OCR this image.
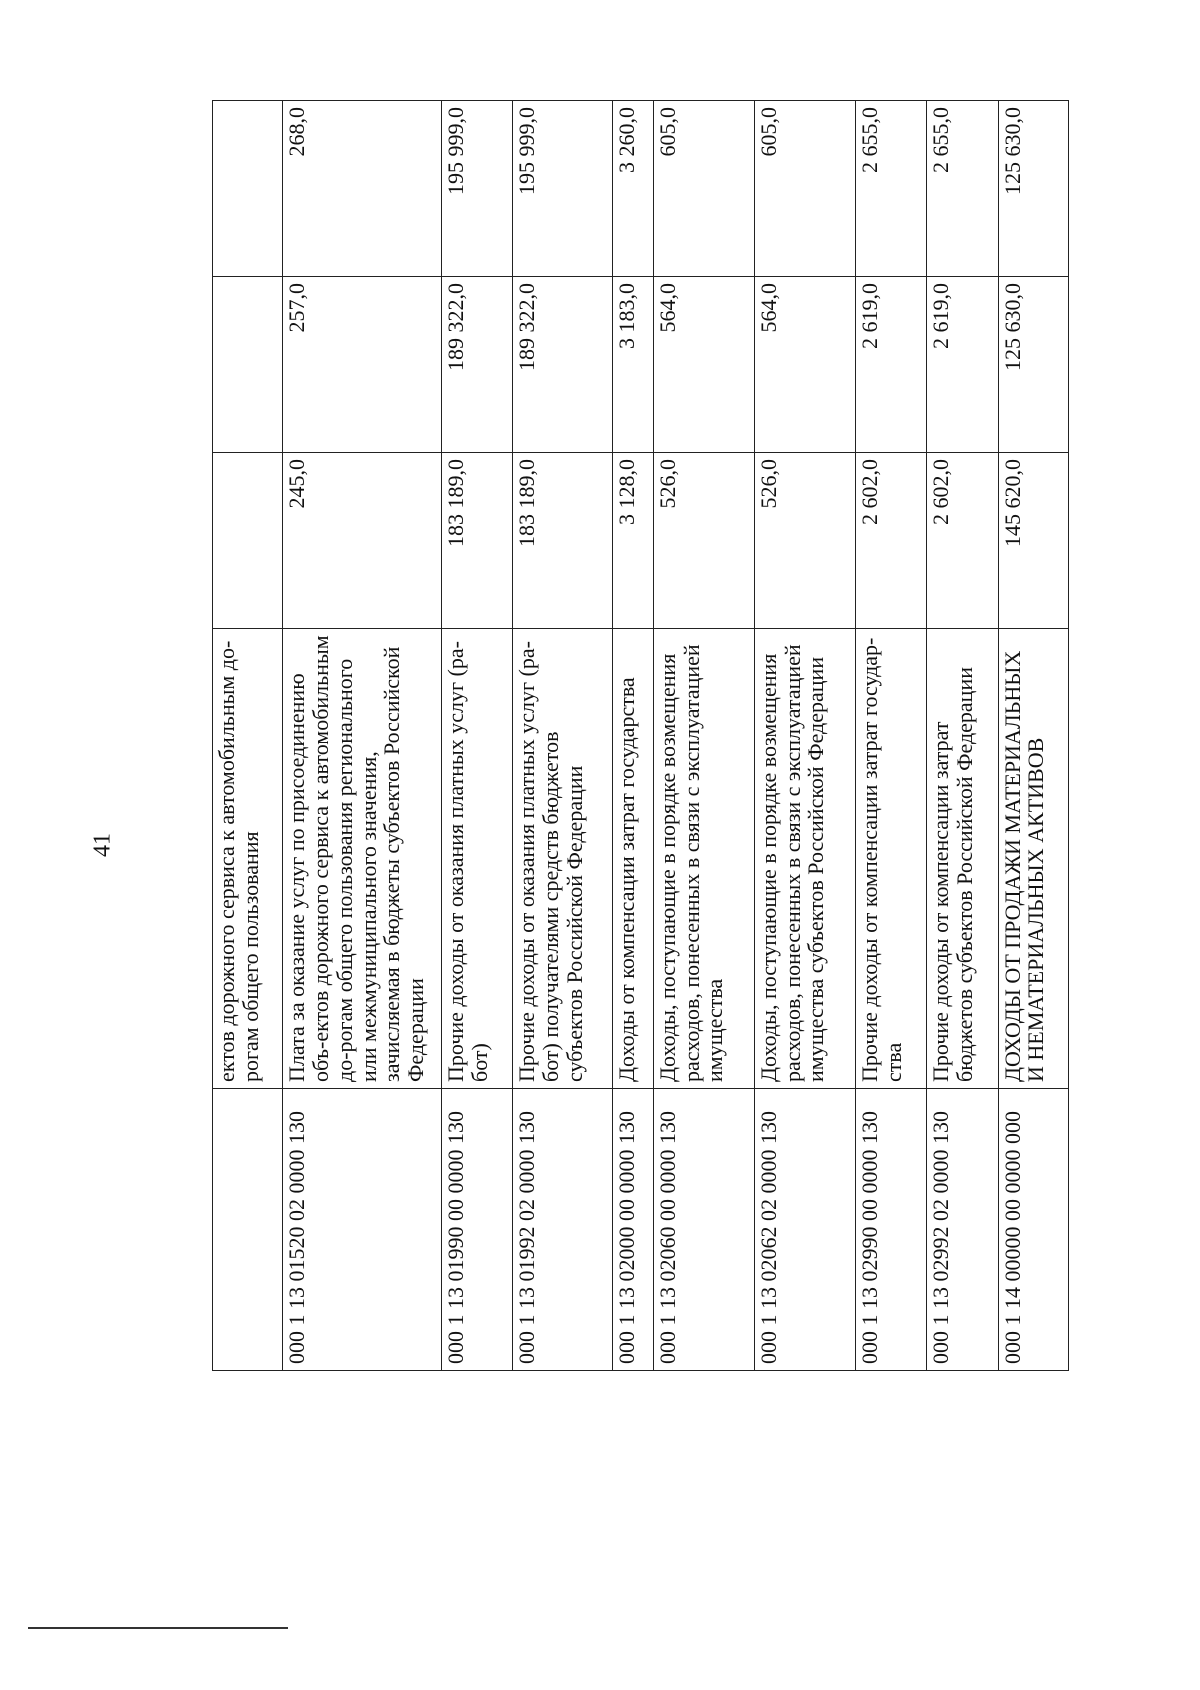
41
		ектов дорожного сервиса к автомобильным до-рогам общего пользования			
000 1 13 01520 02 0000 130	Плата за оказание услуг по присоединению объ-ектов дорожного сервиса к автомобильным до-рогам общего пользования регионального или межмуниципального значения, зачисляемая в бюджеты субъектов Российской Федерации	245,0	257,0	268,0
000 1 13 01990 00 0000 130	Прочие доходы от оказания платных услуг (ра-бот)	183 189,0	189 322,0	195 999,0
000 1 13 01992 02 0000 130	Прочие доходы от оказания платных услуг (ра-бот) получателями средств бюджетов субъектов Российской Федерации	183 189,0	189 322,0	195 999,0
000 1 13 02000 00 0000 130	Доходы от компенсации затрат государства	3 128,0	3 183,0	3 260,0
000 1 13 02060 00 0000 130	Доходы, поступающие в порядке возмещения расходов, понесенных в связи с эксплуатацией имущества	526,0	564,0	605,0
000 1 13 02062 02 0000 130	Доходы, поступающие в порядке возмещения расходов, понесенных в связи с эксплуатацией имущества субъектов Российской Федерации	526,0	564,0	605,0
000 1 13 02990 00 0000 130	Прочие доходы от компенсации затрат государ-ства	2 602,0	2 619,0	2 655,0
000 1 13 02992 02 0000 130	Прочие доходы от компенсации затрат бюджетов субъектов Российской Федерации	2 602,0	2 619,0	2 655,0
000 1 14 00000 00 0000 000	ДОХОДЫ ОТ ПРОДАЖИ МАТЕРИАЛЬНЫХ И НЕМАТЕРИАЛЬНЫХ АКТИВОВ	145 620,0	125 630,0	125 630,0
